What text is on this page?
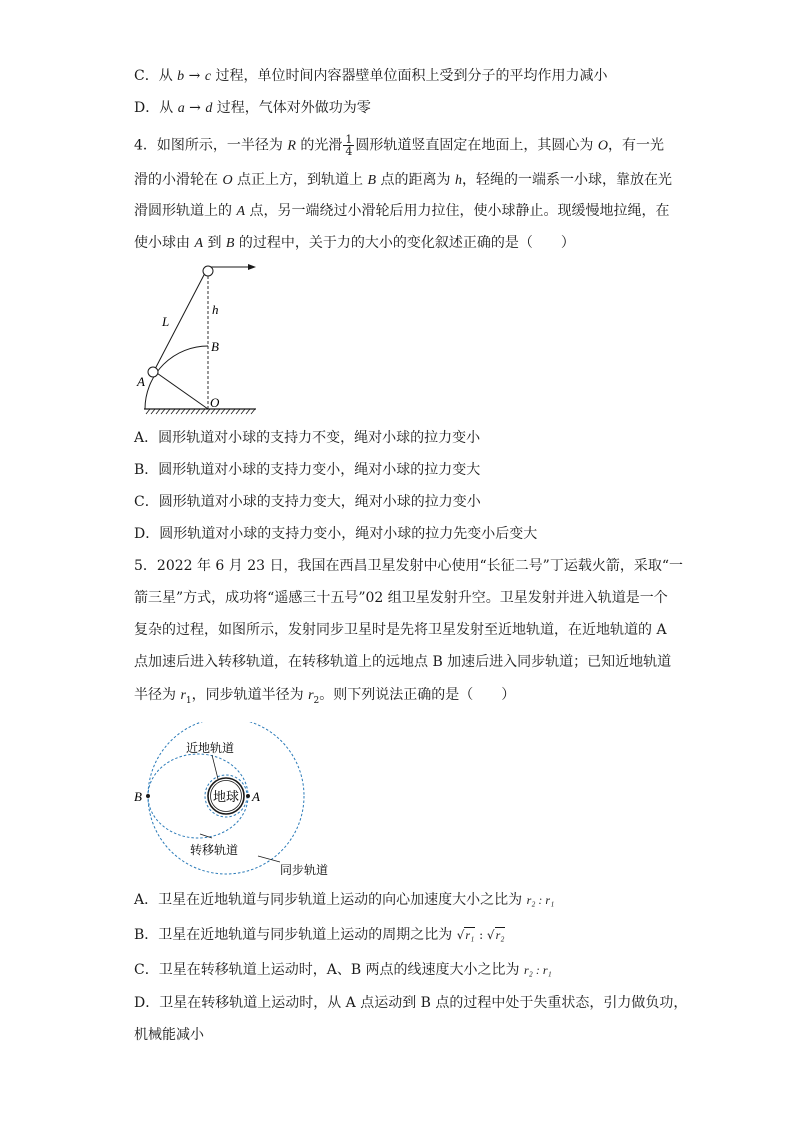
C．从 b → c 过程，单位时间内容器壁单位面积上受到分子的平均作用力减小
D．从 a → d 过程，气体对外做功为零
4．如图所示，一半径为 R 的光滑 $\frac{1}{4}$ 圆形轨道竖直固定在地面上，其圆心为 O，有一光
滑的小滑轮在 O 点正上方，到轨道上 B 点的距离为 h，轻绳的一端系一小球，靠放在光
滑圆形轨道上的 A 点，另一端绕过小滑轮后用力拉住，使小球静止。现缓慢地拉绳，在
使小球由 A 到 B 的过程中，关于力的大小的变化叙述正确的是（　　）
L
h
B
A
O
A．圆形轨道对小球的支持力不变，绳对小球的拉力变小
B．圆形轨道对小球的支持力变小，绳对小球的拉力变大
C．圆形轨道对小球的支持力变大，绳对小球的拉力变小
D．圆形轨道对小球的支持力变小，绳对小球的拉力先变小后变大
5．2022 年 6 月 23 日，我国在西昌卫星发射中心使用“长征二号”丁运载火箭，采取“一
箭三星”方式，成功将“遥感三十五号”02 组卫星发射升空。卫星发射并进入轨道是一个
复杂的过程，如图所示，发射同步卫星时是先将卫星发射至近地轨道，在近地轨道的 A
点加速后进入转移轨道，在转移轨道上的远地点 B 加速后进入同步轨道；已知近地轨道
半径为 $r_1$，同步轨道半径为 $r_2$。则下列说法正确的是（　　）
地球 A
B
近地轨道
转移轨道
同步轨道
A．卫星在近地轨道与同步轨道上运动的向心加速度大小之比为 r₂ : r₁
B．卫星在近地轨道与同步轨道上运动的周期之比为 √r₁ : √r₂
C．卫星在转移轨道上运动时，A、B 两点的线速度大小之比为 r₂ : r₁
D．卫星在转移轨道上运动时，从 A 点运动到 B 点的过程中处于失重状态，引力做负功，
机械能减小
